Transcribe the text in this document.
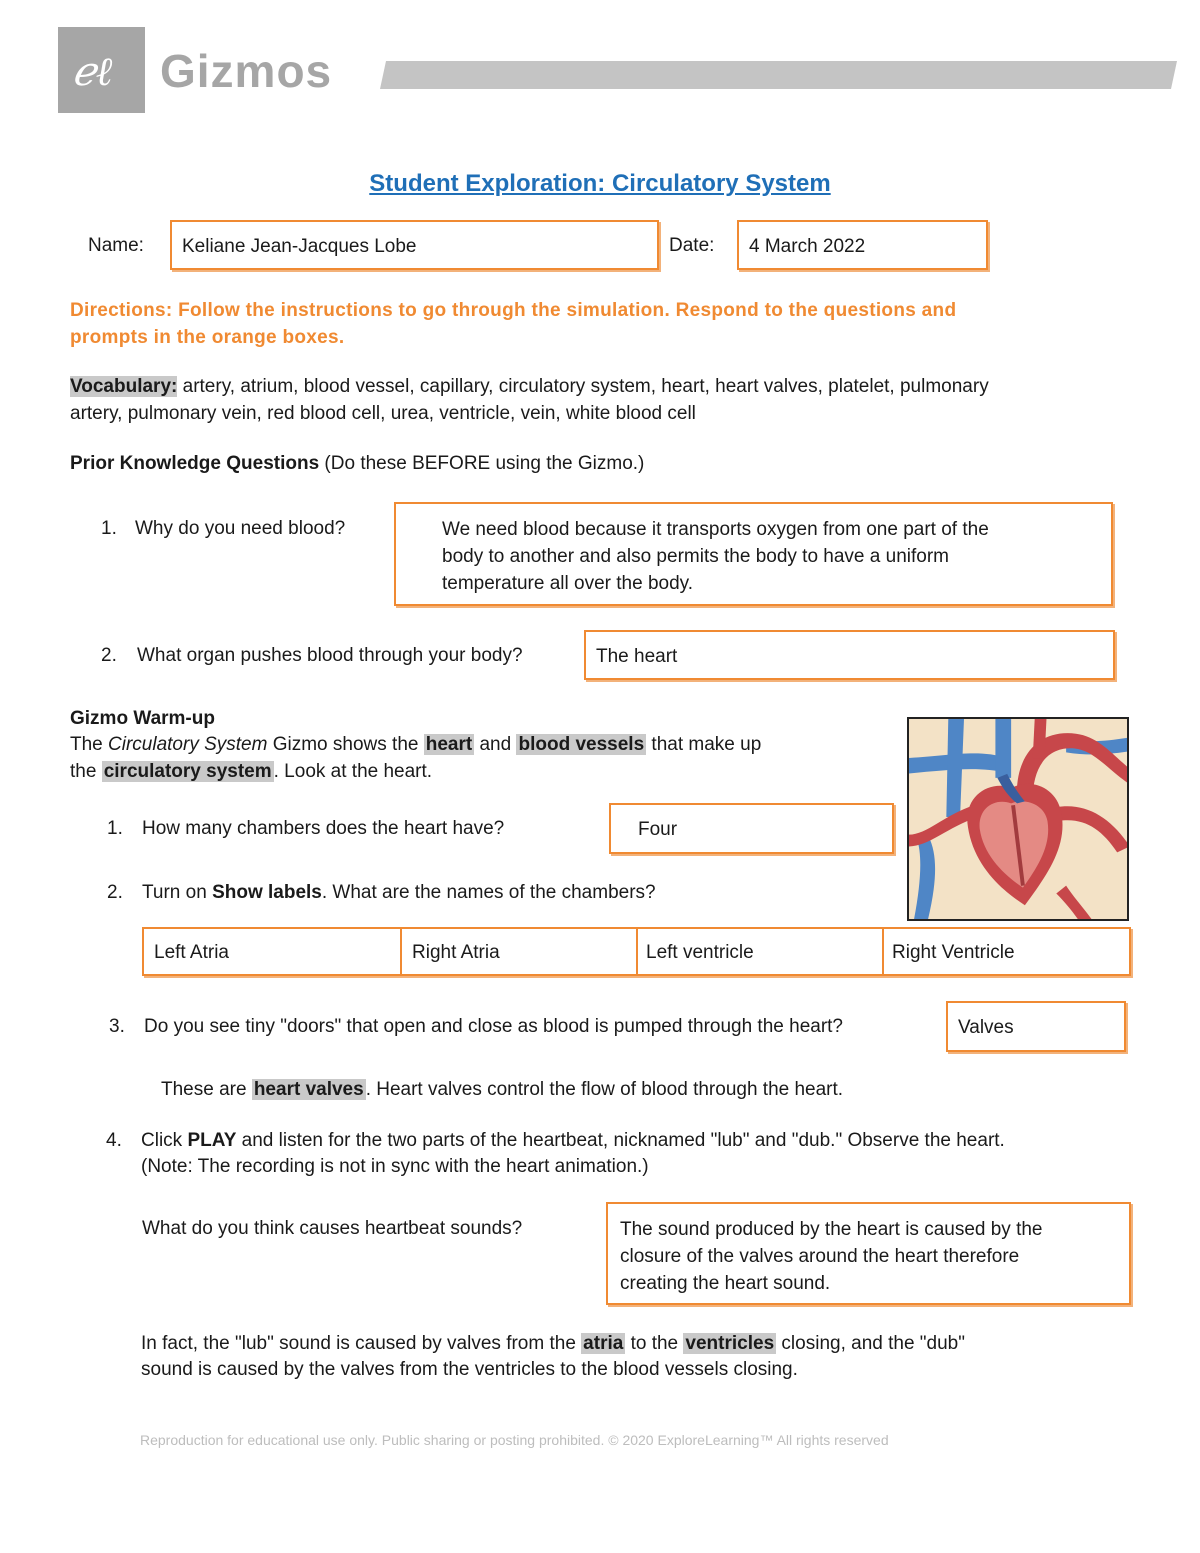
ℯℓ Gizmos
Student Exploration: Circulatory System
Name:	Keliane Jean-Jacques Lobe	Date:	4 March 2022
Directions: Follow the instructions to go through the simulation. Respond to the questions and
prompts in the orange boxes.
Vocabulary: artery, atrium, blood vessel, capillary, circulatory system, heart, heart valves, platelet, pulmonary
artery, pulmonary vein, red blood cell, urea, ventricle, vein, white blood cell
Prior Knowledge Questions (Do these BEFORE using the Gizmo.)
1. Why do you need blood?	We need blood because it transports oxygen from one part of the
body to another and also permits the body to have a uniform
temperature all over the body.
2. What organ pushes blood through your body?	The heart
Gizmo Warm-up
The Circulatory System Gizmo shows the heart and blood vessels that make up
the circulatory system . Look at the heart.
1. How many chambers does the heart have?	Four
2. Turn on Show labels. What are the names of the chambers?
Left Atria	Right Atria	Left ventricle	Right Ventricle
3. Do you see tiny "doors" that open and close as blood is pumped through the heart?	Valves
These are heart valves . Heart valves control the flow of blood through the heart.
4. Click PLAY and listen for the two parts of the heartbeat, nicknamed "lub" and "dub." Observe the heart.
(Note: The recording is not in sync with the heart animation.)
What do you think causes heartbeat sounds?	The sound produced by the heart is caused by the
closure of the valves around the heart therefore
creating the heart sound.
In fact, the "lub" sound is caused by valves from the atria to the ventricles closing, and the "dub"
sound is caused by the valves from the ventricles to the blood vessels closing.
Reproduction for educational use only. Public sharing or posting prohibited. © 2020 ExploreLearning™ All rights reserved
